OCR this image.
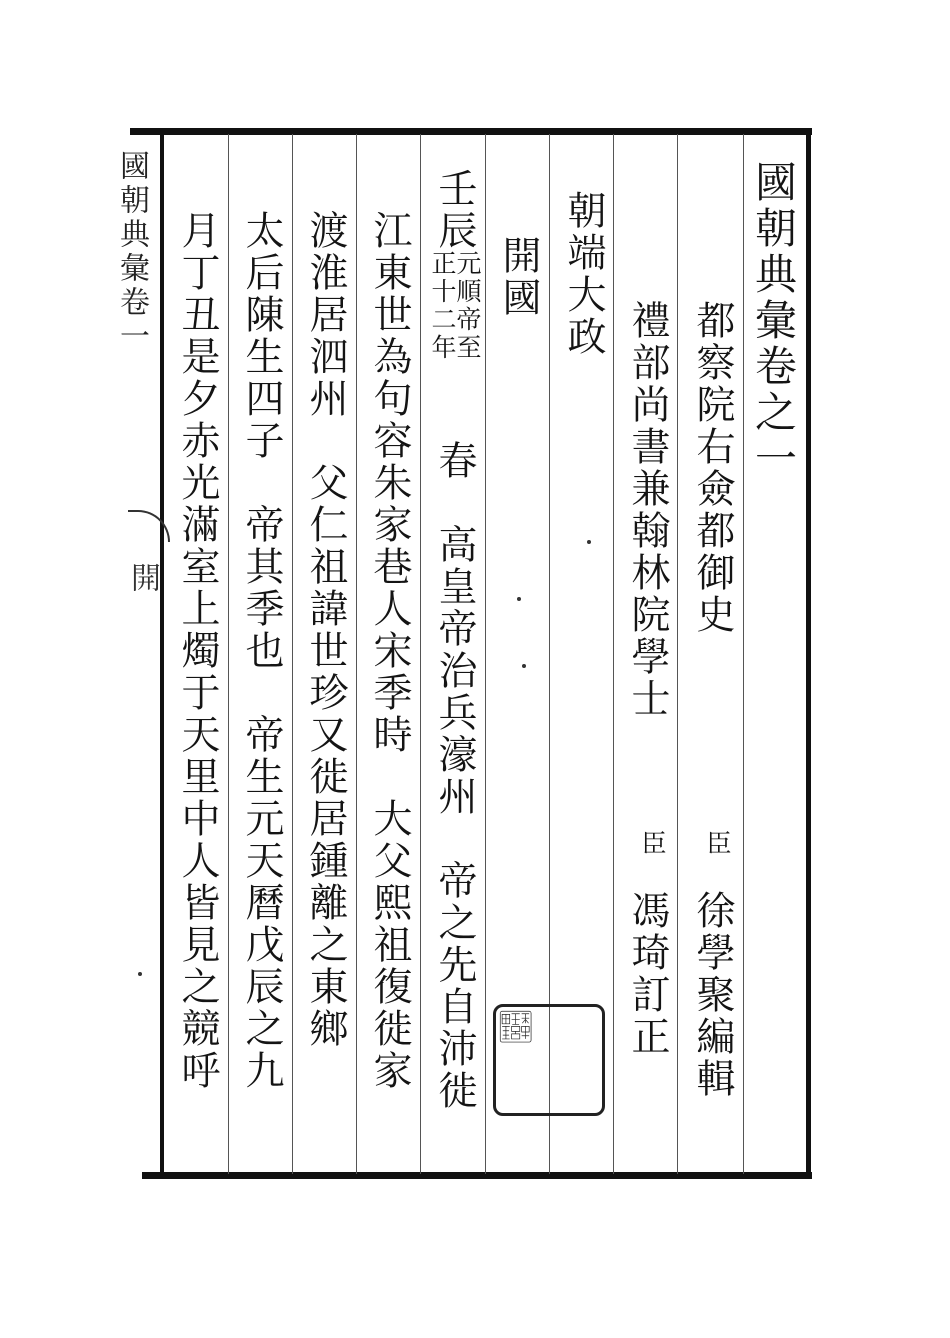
國朝典彙卷一
開
國朝典彙卷之一
都察院右僉都御史
臣
徐學聚編輯
禮部尚書兼翰林院學士
臣
馮琦訂正
朝端大政
開國
壬辰
元順帝至
正十二年
春　高皇帝治兵濠州　帝之先自沛徙
江東世為句容朱家巷人宋季時　大父熙祖復徙家
渡淮居泗州　父仁祖諱世珍又徙居鍾離之東鄉
太后陳生四子　帝其季也　帝生元天曆戊辰之九
月丁丑是夕赤光滿室上燭于天里中人皆見之競呼
